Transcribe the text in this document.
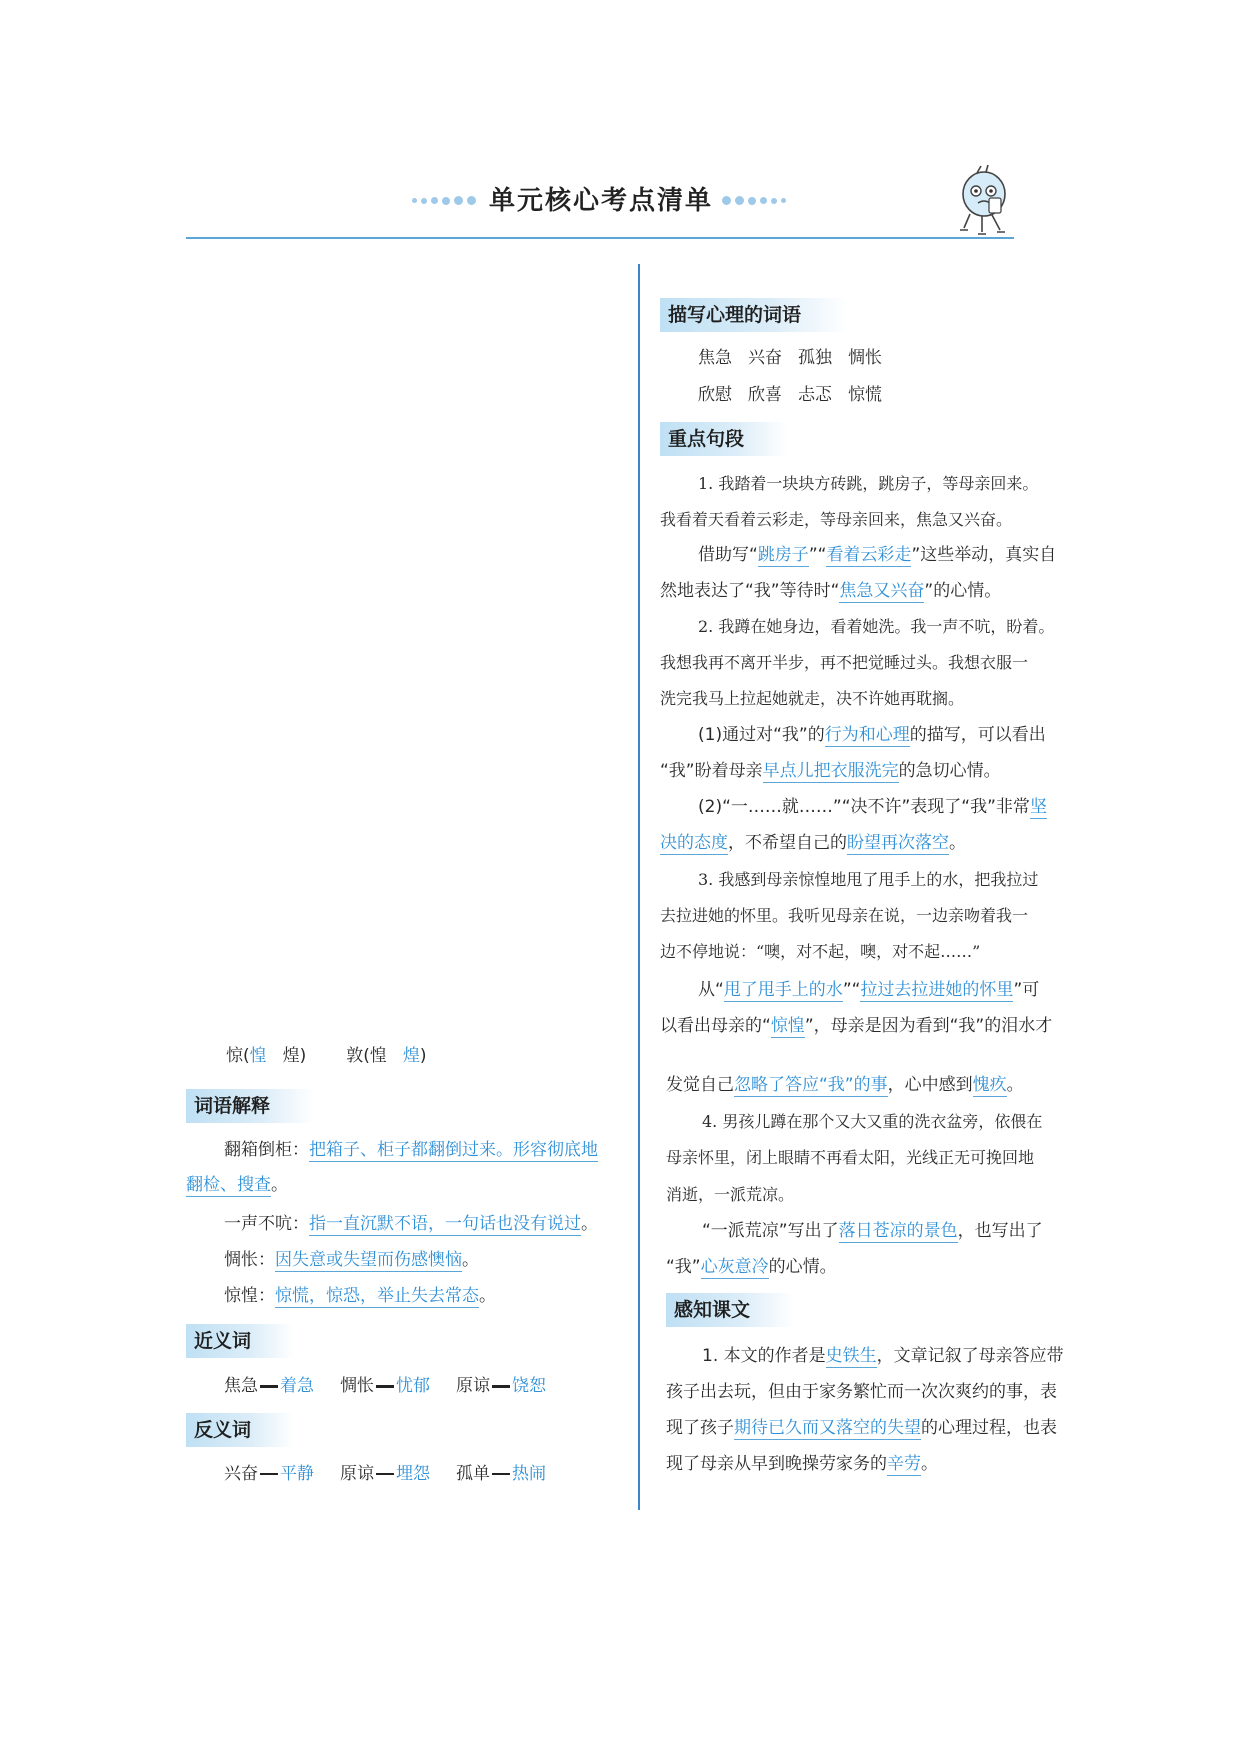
单元核心考点清单
惊(惶 煌) 敦(惶 煌)
词语解释
翻箱倒柜：把箱子、柜子都翻倒过来。形容彻底地
翻检、搜查。
一声不吭：指一直沉默不语，一句话也没有说过。
惆怅：因失意或失望而伤感懊恼。
惊惶：惊慌，惊恐，举止失去常态。
近义词
焦急 着急 惆怅 忧郁 原谅 饶恕
反义词
兴奋 平静 原谅 埋怨 孤单 热闹
描写心理的词语
焦急 兴奋 孤独 惆怅
欣慰 欣喜 忐忑 惊慌
重点句段
1. 我踏着一块块方砖跳，跳房子，等母亲回来。
我看着天看着云彩走，等母亲回来，焦急又兴奋。
借助写“跳房子”“看着云彩走”这些举动，真实自
然地表达了“我”等待时“焦急又兴奋”的心情。
2. 我蹲在她身边，看着她洗。我一声不吭，盼着。
我想我再不离开半步，再不把觉睡过头。我想衣服一
洗完我马上拉起她就走，决不许她再耽搁。
(1)通过对“我”的行为和心理的描写，可以看出
“我”盼着母亲早点儿把衣服洗完的急切心情。
(2)“一……就……”“决不许”表现了“我”非常坚
决的态度，不希望自己的盼望再次落空。
3. 我感到母亲惊惶地甩了甩手上的水，把我拉过
去拉进她的怀里。我听见母亲在说，一边亲吻着我一
边不停地说：“噢，对不起，噢，对不起……”
从“甩了甩手上的水”“拉过去拉进她的怀里”可
以看出母亲的“惊惶”，母亲是因为看到“我”的泪水才
发觉自己忽略了答应“我”的事，心中感到愧疚。
4. 男孩儿蹲在那个又大又重的洗衣盆旁，依偎在
母亲怀里，闭上眼睛不再看太阳，光线正无可挽回地
消逝，一派荒凉。
“一派荒凉”写出了落日苍凉的景色，也写出了
“我”心灰意冷的心情。
感知课文
1. 本文的作者是史铁生，文章记叙了母亲答应带
孩子出去玩，但由于家务繁忙而一次次爽约的事，表
现了孩子期待已久而又落空的失望的心理过程，也表
现了母亲从早到晚操劳家务的辛劳。
